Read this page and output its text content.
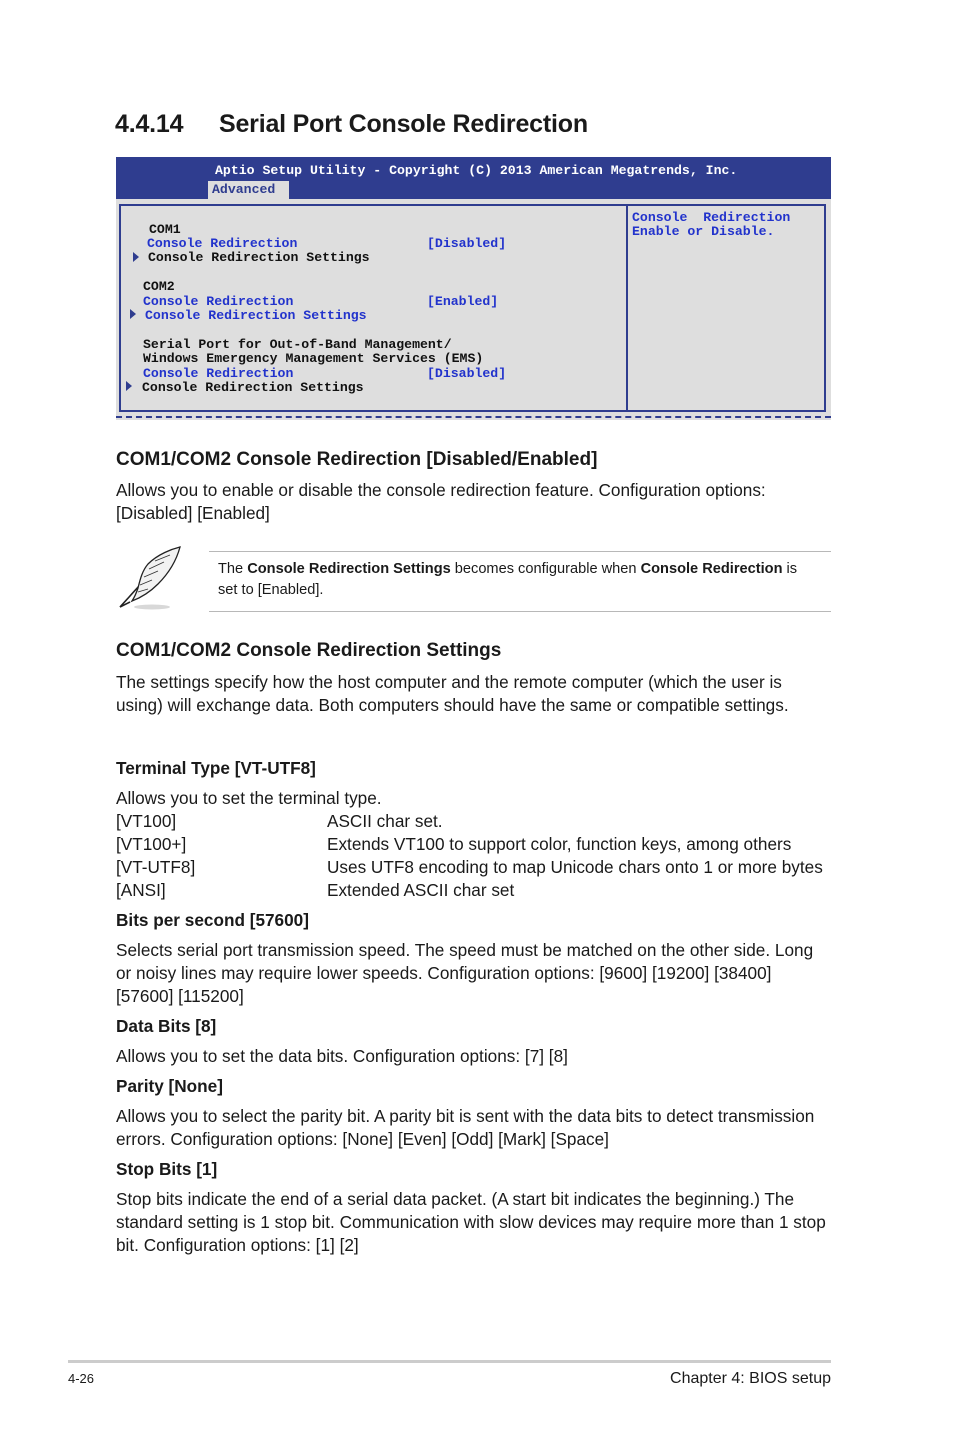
4.4.14 Serial Port Console Redirection
Aptio Setup Utility - Copyright (C) 2013 American Megatrends, Inc.
Advanced
COM1
Console Redirection	[Disabled]
Console Redirection Settings
COM2
Console Redirection	[Enabled]
Console Redirection Settings
Serial Port for Out-of-Band Management/
Windows Emergency Management Services (EMS)
Console Redirection	[Disabled]
Console Redirection Settings
Console  Redirection
Enable or Disable.
COM1/COM2 Console Redirection [Disabled/Enabled]
Allows you to enable or disable the console redirection feature. Configuration options:
[Disabled] [Enabled]
The Console Redirection Settings becomes configurable when Console Redirection is
set to [Enabled].
COM1/COM2 Console Redirection Settings
The settings specify how the host computer and the remote computer (which the user is
using) will exchange data. Both computers should have the same or compatible settings.
Terminal Type [VT-UTF8]
Allows you to set the terminal type.
[VT100]	ASCII char set.
[VT100+]	Extends VT100 to support color, function keys, among others
[VT-UTF8]	Uses UTF8 encoding to map Unicode chars onto 1 or more bytes
[ANSI]	Extended ASCII char set
Bits per second [57600]
Selects serial port transmission speed. The speed must be matched on the other side. Long
or noisy lines may require lower speeds. Configuration options: [9600] [19200] [38400]
[57600] [115200]
Data Bits [8]
Allows you to set the data bits. Configuration options: [7] [8]
Parity [None]
Allows you to select the parity bit. A parity bit is sent with the data bits to detect transmission
errors. Configuration options: [None] [Even] [Odd] [Mark] [Space]
Stop Bits [1]
Stop bits indicate the end of a serial data packet. (A start bit indicates the beginning.) The
standard setting is 1 stop bit. Communication with slow devices may require more than 1 stop
bit. Configuration options: [1] [2]
4-26	Chapter 4: BIOS setup
